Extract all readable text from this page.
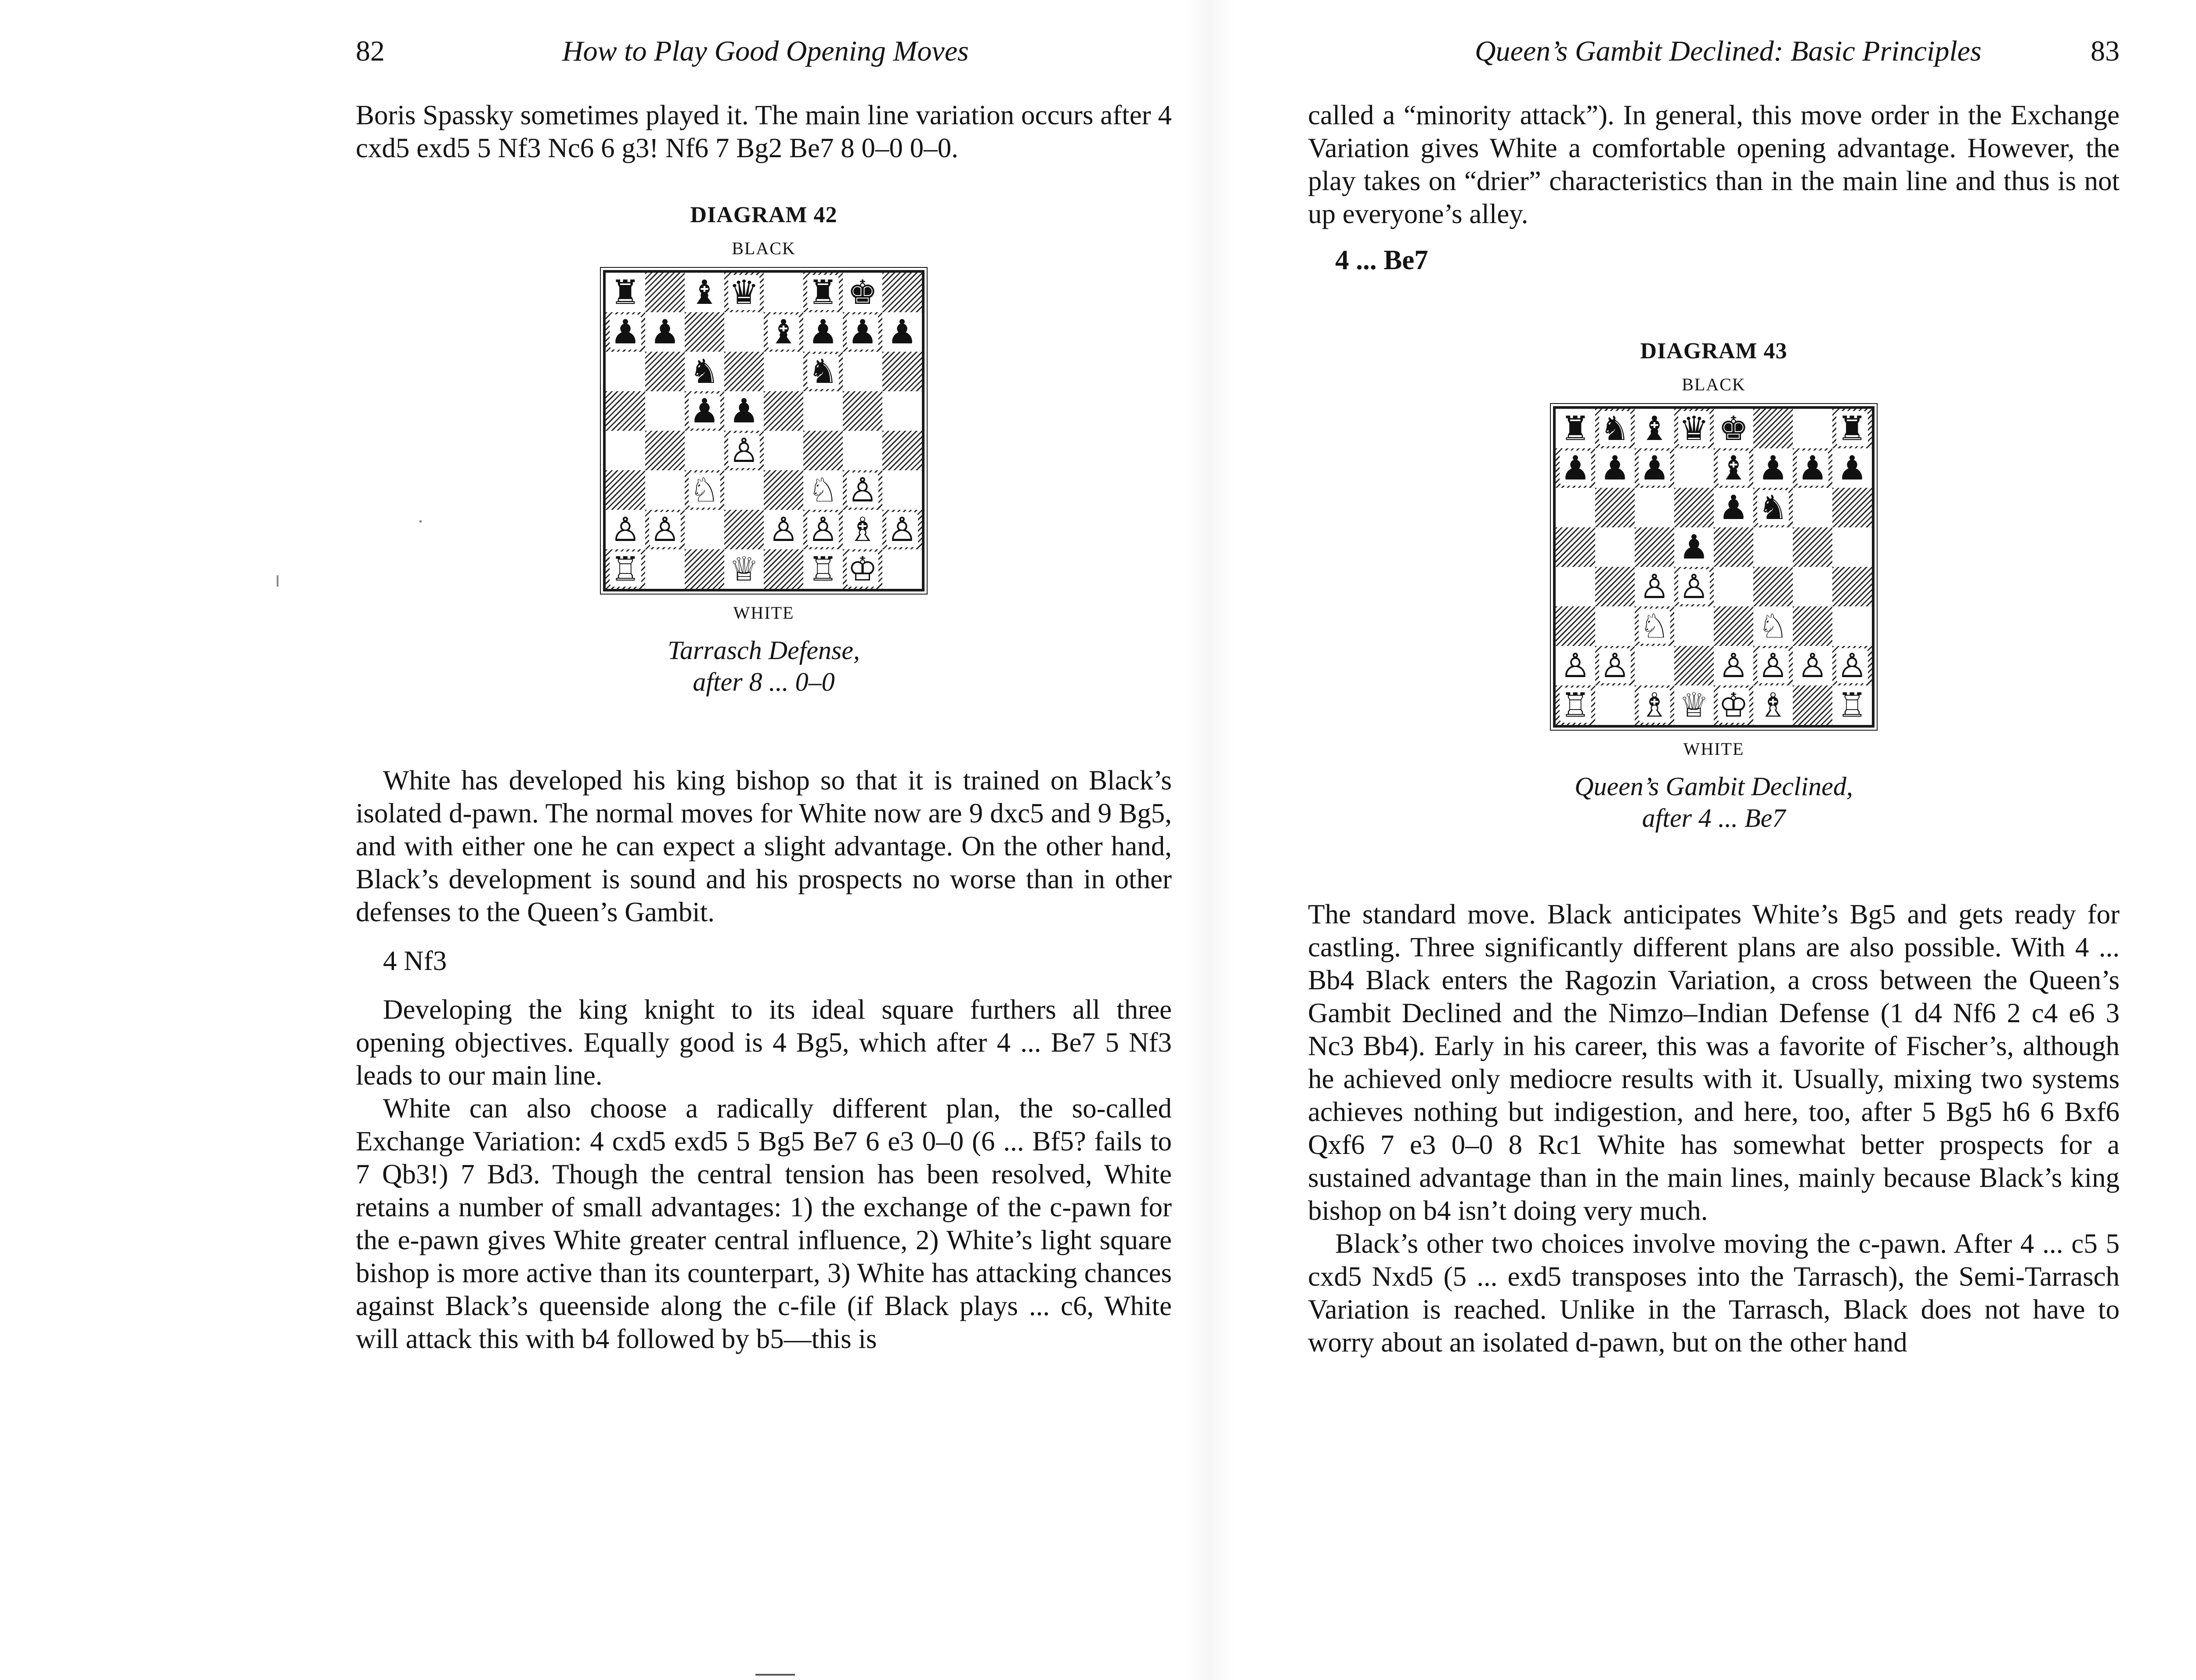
82	How to Play Good Opening Moves

Boris Spassky sometimes played it. The main line variation occurs after 4 cxd5 exd5 5 Nf3 Nc6 6 g3! Nf6 7 Bg2 Be7 8 0–0 0–0.

DIAGRAM 42
BLACK
♜ ♝ ♛ ♜ ♚
♟ ♟	♝ ♟ ♟ ♟
♞	♞
♟ ♟
♙
♘	♘ ♙
♙ ♙	♙ ♙ ♗ ♙
♖	♕ ♖ ♔
WHITE
Tarrasch Defense,
after 8 ... 0–0

White has developed his king bishop so that it is trained on Black’s isolated d-pawn. The normal moves for White now are 9 dxc5 and 9 Bg5, and with either one he can expect a slight advantage. On the other hand, Black’s development is sound and his prospects no worse than in other defenses to the Queen’s Gambit.

4 Nf3

Developing the king knight to its ideal square furthers all three opening objectives. Equally good is 4 Bg5, which after 4 ... Be7 5 Nf3 leads to our main line.

White can also choose a radically different plan, the so-called Exchange Variation: 4 cxd5 exd5 5 Bg5 Be7 6 e3 0–0 (6 ... Bf5? fails to 7 Qb3!) 7 Bd3. Though the central tension has been resolved, White retains a number of small advantages: 1) the exchange of the c-pawn for the e-pawn gives White greater central influence, 2) White’s light square bishop is more active than its counterpart, 3) White has attacking chances against Black’s queenside along the c-file (if Black plays ... c6, White will attack this with b4 followed by b5—this is

Queen’s Gambit Declined: Basic Principles	83

called a “minority attack”). In general, this move order in the Exchange Variation gives White a comfortable opening advantage. However, the play takes on “drier” characteristics than in the main line and thus is not up everyone’s alley.

4 ... Be7

DIAGRAM 43
BLACK
♜ ♞ ♝ ♛ ♚	♜
♟ ♟ ♟ ♝ ♟ ♟ ♟
♟ ♞
♟
♙ ♙
♘	♘
♙ ♙	♙ ♙ ♙ ♙
♖ ♗ ♕ ♔ ♗ ♖
WHITE
Queen’s Gambit Declined,
after 4 ... Be7

The standard move. Black anticipates White’s Bg5 and gets ready for castling. Three significantly different plans are also possible. With 4 ... Bb4 Black enters the Ragozin Variation, a cross between the Queen’s Gambit Declined and the Nimzo–Indian Defense (1 d4 Nf6 2 c4 e6 3 Nc3 Bb4). Early in his career, this was a favorite of Fischer’s, although he achieved only mediocre results with it. Usually, mixing two systems achieves nothing but indigestion, and here, too, after 5 Bg5 h6 6 Bxf6 Qxf6 7 e3 0–0 8 Rc1 White has somewhat better prospects for a sustained advantage than in the main lines, mainly because Black’s king bishop on b4 isn’t doing very much.

Black’s other two choices involve moving the c-pawn. After 4 ... c5 5 cxd5 Nxd5 (5 ... exd5 transposes into the Tarrasch), the Semi-Tarrasch Variation is reached. Unlike in the Tarrasch, Black does not have to worry about an isolated d-pawn, but on the other hand
